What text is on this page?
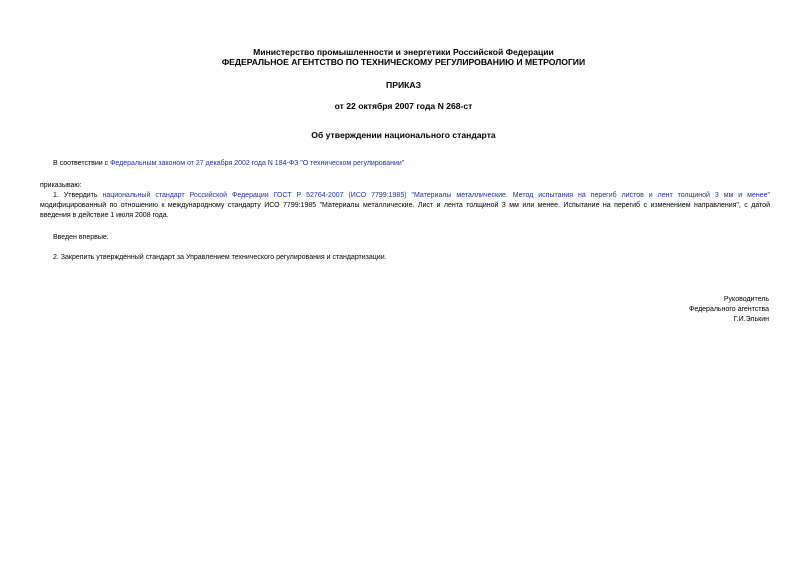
Министерство промышленности и энергетики Российской Федерации
ФЕДЕРАЛЬНОЕ АГЕНТСТВО ПО ТЕХНИЧЕСКОМУ РЕГУЛИРОВАНИЮ И МЕТРОЛОГИИ
ПРИКАЗ
от 22 октября 2007 года N 268-ст
Об утверждении национального стандарта
В соответствии с Федеральным законом от 27 декабря 2002 года N 184-ФЗ "О техническом регулировании"
приказываю:
1. Утвердить национальный стандарт Российской Федерации ГОСТ Р 52764-2007 (ИСО 7799:1985) "Материалы металлические. Метод испытания на перегиб листов и лент толщиной 3 мм и менее"
модифицированный по отношению к международному стандарту ИСО 7799:1985 "Материалы металлические. Лист и лента толщиной 3 мм или менее. Испытание на перегиб с изменением направления", с датой
введения в действие 1 июля 2008 года.
Введен впервые.
2. Закрепить утвержденный стандарт за Управлением технического регулирования и стандартизации.
Руководитель
Федерального агентства
Г.И.Элькин
